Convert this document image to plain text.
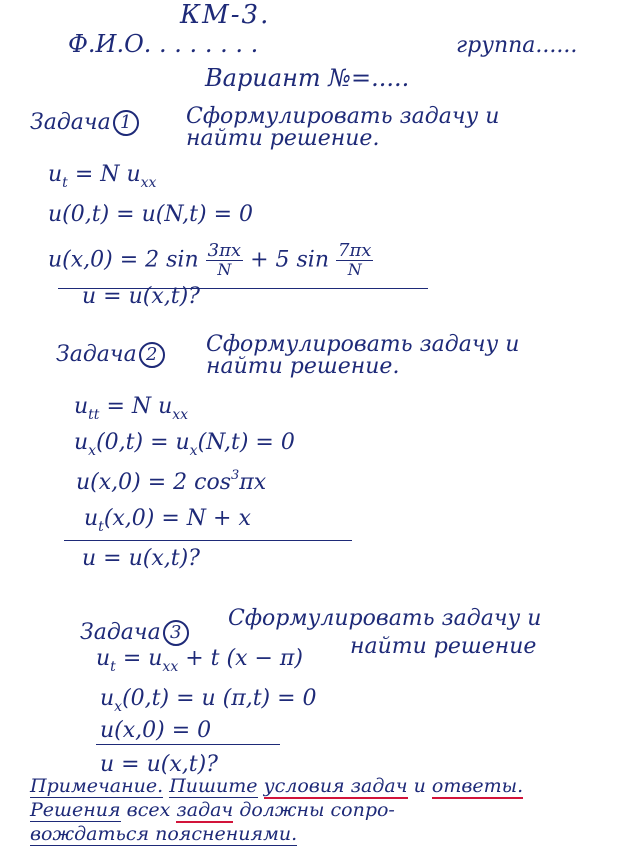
КМ-3.
Ф.И.О. . . . . . . .	группа......
Вариант №=.....
Задача 1	Сформулировать задачу и
найти решение.
$u_t = N$ $u_{xx}$
u(0,t) = u(N,t) = 0
u(x,0) = 2 $\sin \frac{3\pi x}{N} + 5$ $\sin \frac{7\pi x}{N}$
u = u(x,t)?
Задача 2	Сформулировать задачу и
найти решение.
$u_{tt} = N$ $u_{xx}$
$u_x(0,t) = u_x(N,t) = 0$
u(x,0) = 2 $\cos^3\pi x$
$u_t(x,0) = N + x$
u = u(x,t)?
Задача 3
Сформулировать задачу и
найти решение
$u_t = u_{xx} + t$ (x − π)
$u_x(0,t) = u$ (π,t) = 0
u(x,0) = 0
u = u(x,t)?
Примечание. Пишите условия задач и ответы.
Решения всех задач должны сопро-
вождаться пояснениями.
